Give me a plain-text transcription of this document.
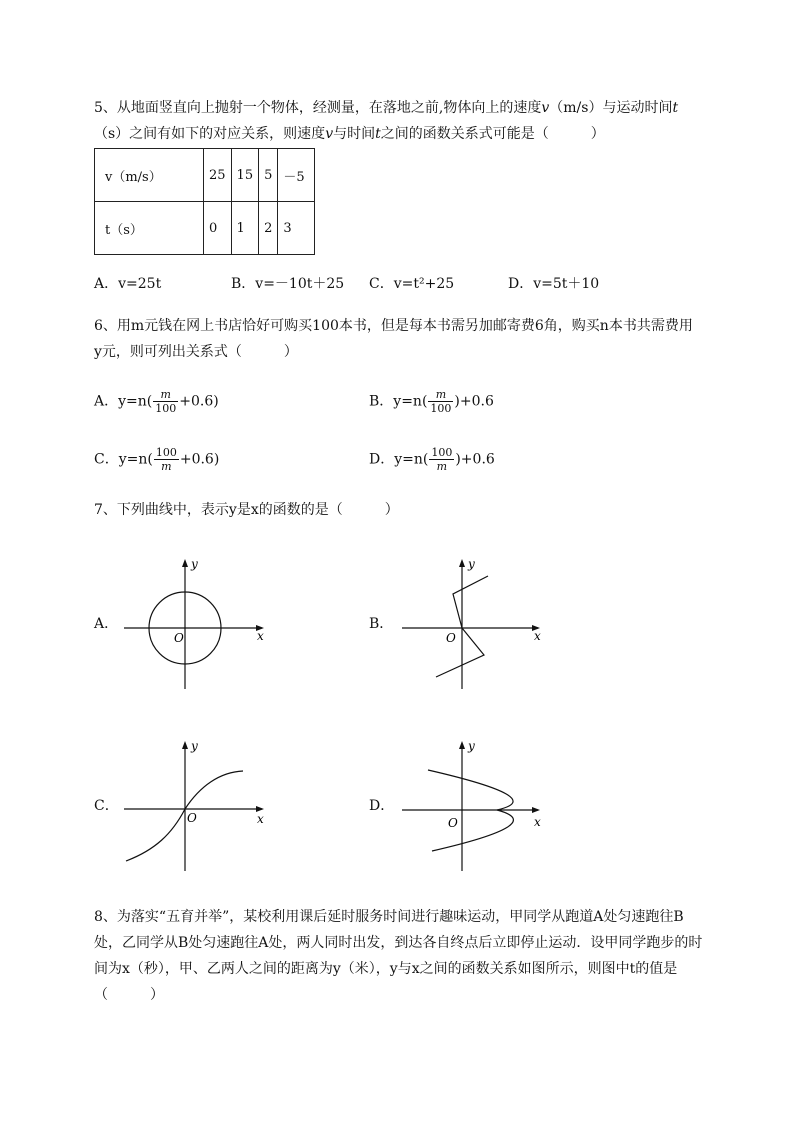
5、从地面竖直向上抛射一个物体，经测量，在落地之前,物体向上的速度v（m/s）与运动时间t
（s）之间有如下的对应关系，则速度v与时间t之间的函数关系式可能是（　　　）
v（m/s）	25	15	5	－5
t（s）	0	1	2	3
A．v=25t	B．v=－10t＋25 C．v=t²+25	D．v=5t＋10
6、用m元钱在网上书店恰好可购买100本书，但是每本书需另加邮寄费6角，购买n本书共需费用
y元，则可列出关系式（　　　）
A．$y=n( \frac{m}{100} +0.6)$	B．$y=n( \frac{m}{100} )+0.6$
C．$y=n( \frac{100}{m} +0.6)$	D．$y=n( \frac{100}{m} )+0.6$
7、下列曲线中，表示y是x的函数的是（　　　）
A．	B．
C．	D．
y
x
O
y
x
O
y
x
O
y
x
O
8、为落实“五育并举”，某校利用课后延时服务时间进行趣味运动，甲同学从跑道A处匀速跑往B
处，乙同学从B处匀速跑往A处，两人同时出发，到达各自终点后立即停止运动．设甲同学跑步的时
间为x（秒），甲、乙两人之间的距离为y（米），y与x之间的函数关系如图所示，则图中t的值是
（　　　）
